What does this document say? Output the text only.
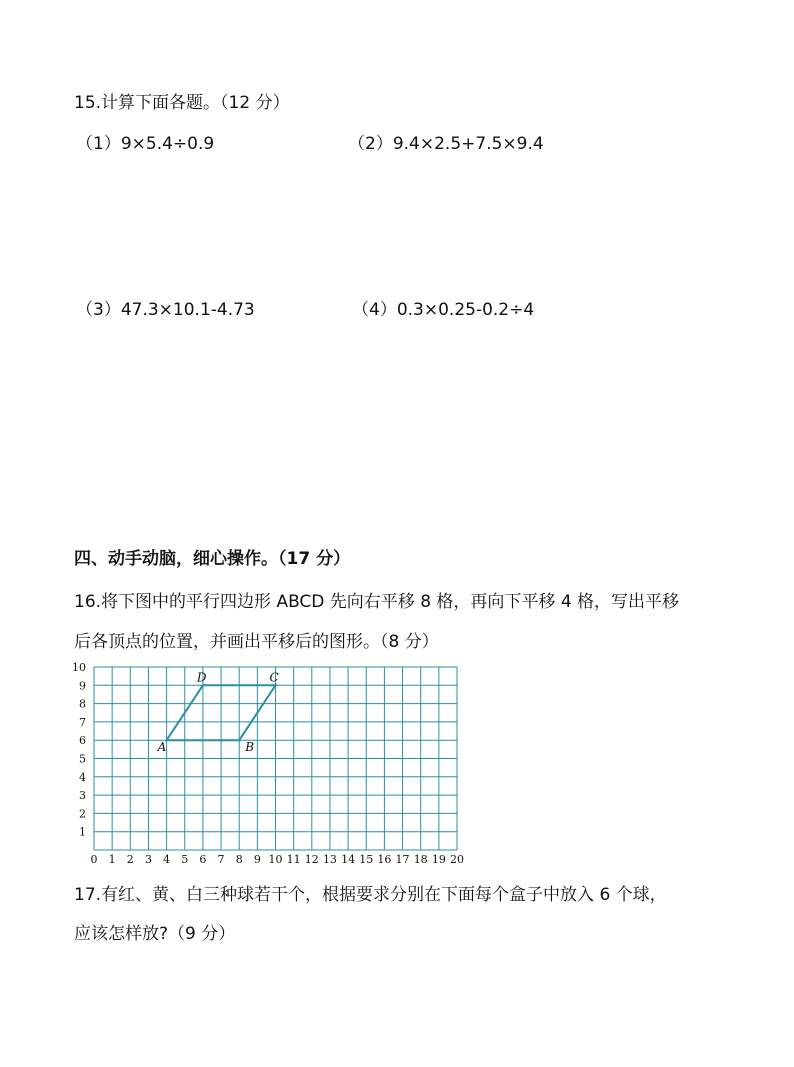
15.计算下面各题。（12 分）
（1）9×5.4÷0.9	（2）9.4×2.5+7.5×9.4
（3）47.3×10.1-4.73	（4）0.3×0.25-0.2÷4
四、动手动脑，细心操作。（17 分）
16.将下图中的平行四边形 ABCD 先向右平移 8 格，再向下平移 4 格，写出平移
后各顶点的位置，并画出平移后的图形。（8 分）
0 1 2 3 4 5 6 7 8 9 10 11 12 13 14 15 16 17 18 19 20
1
2
3
4
5
6
7
8
9
10
A	B
C
D
17.有红、黄、白三种球若干个，根据要求分别在下面每个盒子中放入 6 个球，
应该怎样放?（9 分）
